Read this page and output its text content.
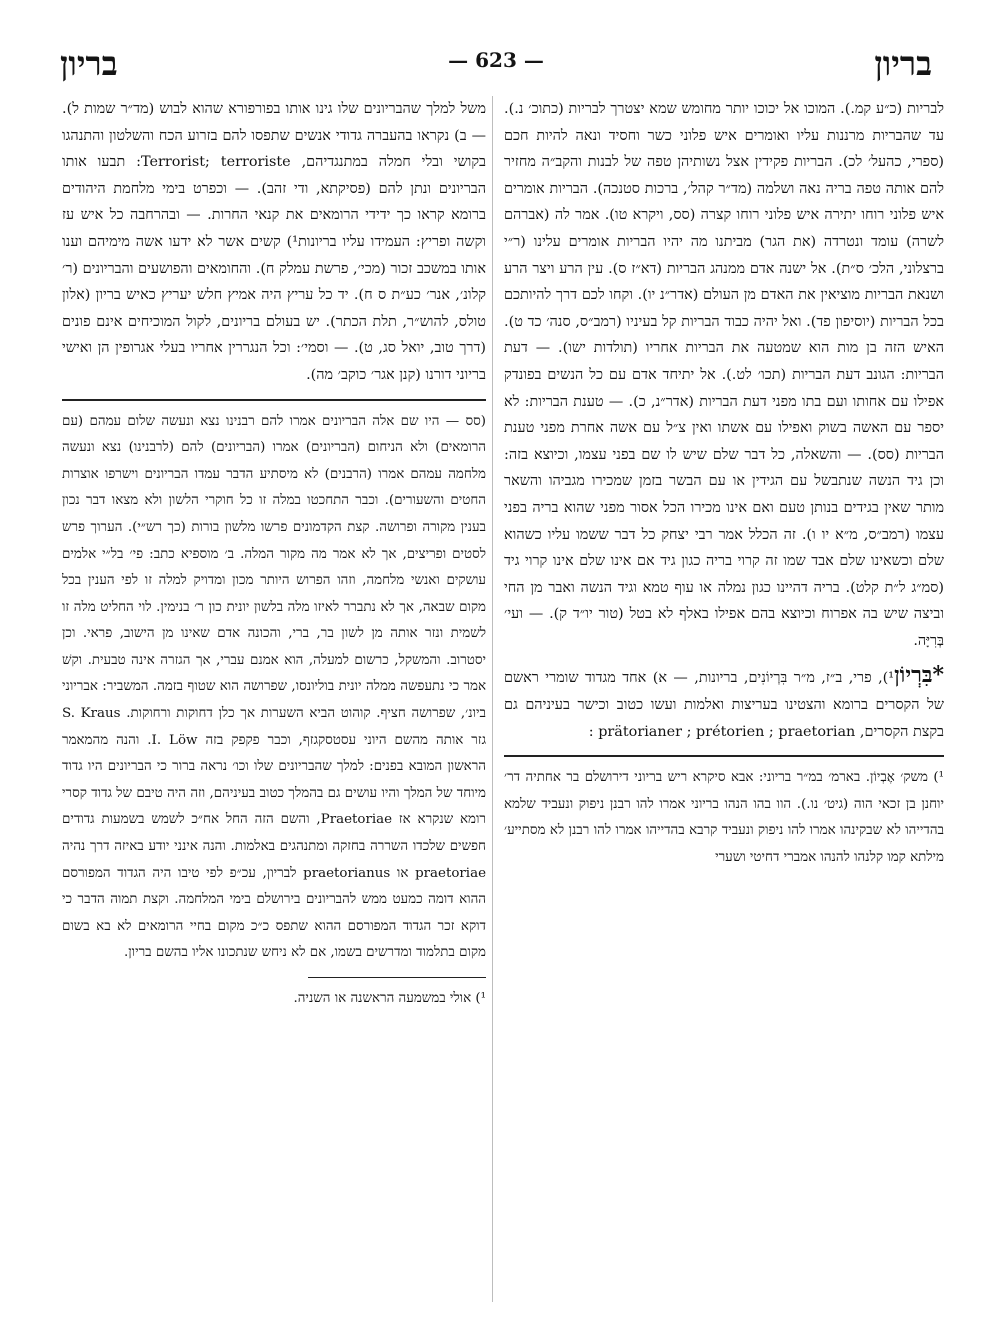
בריון
— 623 —
בריון

לבריות (כ״ע קמ.). המוכו אל יכוכו יותר מחומש שמא יצטרך לבריות (כתוכ׳ נ.). עד שהבריות מרננות עליו ואומרים איש פלוני כשר וחסיד ונאה להיות חכם (ספרי, כהעל׳ לכ). הבריות פקידין אצל נשותיהן טפה של לבנות והקב״ה מחזיר להם אותה טפה בריה נאה ושלמה (מד״ר קהל׳, ברכות סטנכה). הבריות אומרים איש פלוני רוחו יתירה איש פלוני רוחו קצרה (סס, ויקרא טו). אמר לה (אברהם לשרה) עומד ונטרדה (את הגר) מביתנו מה יהיו הבריות אומרים עלינו (ר״י ברצלוני, הלכ׳ ס״ת). אל ישנה אדם ממנהג הבריות (דא״ז ס). עין הרע ויצר הרע ושנאת הבריות מוציאין את האדם מן העולם (אדר״נ יו). וקחו לכם דרך להיותכם בכל הבריות (יוסיפון פד). ואל יהיה כבוד הבריות קל בעיניו (רמב״ס, סנה׳ כד ט). האיש הזה בן מות הוא שמטעה את הבריות אחריו (תולדות ישו). — דעת הבריות: הגונב דעת הבריות (תכו׳ לט.). אל יתיחד אדם עם כל הנשים בפונדק אפילו עם אחותו ועם בתו מפני דעת הבריות (אדר״נ, כ). — טענת הבריות: לא יספר עם האשה בשוק ואפילו עם אשתו ואין צ״ל עם אשה אחרת מפני טענת הבריות (סס). — והשאלה, כל דבר שלם שיש לו שם בפני עצמו, וכיוצא בזה: וכן גיד הנשה שנתבשל עם הגידין או עם הבשר בזמן שמכירו מגביהו והשאר מותר שאין בגידים בנותן טעם ואם אינו מכירו הכל אסור מפני שהוא בריה בפני עצמו (רמב״ס, מ״א יו ו). זה הכלל אמר רבי יצחק כל דבר ששמו עליו כשהוא שלם וכשאינו שלם אבד שמו זה קרוי בריה כגון גיד אם אינו שלם אינו קרוי גיד (סמ״ג ל״ת קלט). בריה דהיינו כגון נמלה או עוף טמא וגיד הנשה ואבר מן החי וביצה שיש בה אפרוח וכיוצא בהם אפילו באלף לא בטל (טור יו״ד ק). — ועי׳ בְּרִיָּה.

*בִּרְיוֹן¹), פרי, ב״ז, מ״ר בִּרְיוֹנִים, בריונות, — א) אחד מגדוד שומרי ראשם של הקסרים ברומא והצטינו בעריצות ואלמות ועשו כטוב וכישר בעיניהם גם בקצת הקסרים, prätorianer ; prétorien ; praetorian :

¹) משק׳ אֶבְיוֹן. בארמ׳ במ״ר בריוני: אבא סיקרא ריש בריוני דירושלם בר אחתיה דר׳ יוחנן בן זכאי הוה (גיט׳ נו.). הוו בהו הנהו בריוני אמרו להו רבנן ניפוק ונעביד שלמא בהדייהו לא שבקינהו אמרו להו ניפוק ונעביד קרבא בהדייהו אמרו להו רבנן לא מסתייע׳ מילתא קמו קלנהו להנהו אמברי דחיטי ושערי

משל למלך שהבריונים שלו גינו אותו בפורפורא שהוא לבוש (מד״ר שמות ל). — ב) נקראו בהעברה גדודי אנשים שתפסו להם בזרוע הכח והשלטון והתנהגו בקושי ובלי חמלה במתנגדיהם, Terrorist; terroriste: תבעו אותו הבריונים ונתן להם (פסיקתא, ודי זהב). — וכפרט בימי מלחמת היהודים ברומא קראו כך ידידי הרומאים את קנאי החרות. — ובהרחבה כל איש עז וקשה ופריץ: העמידו עליו בריונות¹) קשים אשר לא ידעו אשה מימיהם וענו אותו במשכב זכור (מכי׳, פרשת עמלק ח). והחומאים והפושעים והבריונים (ר׳ קלונ׳, אנר׳ כע״ת ס ח). יד כל עריץ היה אמיץ חלש יעריץ כאיש בריון (אלון טולס, להוש״ר, תלת הכתר). יש בעולם בריונים, לקול המוכיחים אינם פונים (דרך טוב, יואל סג, ט). — וסמי׳: וכל הנגררין אחריו בעלי אגרופין הן ואישי בריוני דורנו (קנן אגר׳ כוקב׳ מה).

(סס — היו שם אלה הבריונים אמרו להם רבנינו נצא ונעשה שלום עמהם (עם הרומאים) ולא הניחום (הבריונים) אמרו (הבריונים) להם (לרבנינו) נצא ונעשה מלחמה עמהם אמרו (הרבנים) לא מיסתיע הדבר עמדו הבריונים וישרפו אוצרות החטים והשעורים). וכבר התחכטו במלה זו כל חוקרי הלשון ולא מצאו דבר נכון בענין מקורה ופרושה. קצת הקדמונים פרשו מלשון בורות (כך רש״י). הערוך פרש לסטים ופריצים, אך לא אמר מה מקור המלה. ב׳ מוספיא כתב: פי׳ בל״י אלמים עושקים ואנשי מלחמה, וזהו הפרוש היותר מכון ומדויק למלה זו לפי הענין בכל מקום שבאה, אך לא נתברר לאיזו מלה בלשון יונית כון ר׳ בנימין. לוי החליט מלה זו לשמית ונזר אותה מן לשון בר, ברי, והכונה אדם שאינו מן הישוב, פראי. וכן יסטרוב. והמשקל, כרשום למעלה, הוא אמנם עברי, אך הגזרה אינה טבעית. וקשׁ אמר כי נתעפשה ממלה יונית בוליונסו, שפרושה הוא שטוף בזמה. המשביר: אבריוני ביונ׳, שפרושה חציף. קוהוט הביא השערות אך כלן דחוקות ורחוקות. S. Kraus גזר אותה מהשם היוני עסטסקגזף, וכבר פקפק בזה I. Löw. והנה מהמאמר הראשון המובא בפנים: למלך שהבריונים שלו וכו׳ נראה ברור כי הבריונים היו גדוד מיוחד של המלך והיו עושים גם בהמלך כטוב בעיניהם, וזה היה טיבם של גדוד קסרי רומא שנקרא אז Praetoriae, והשם הזה החל אח״כ לשמש בשמעות גדודים חפשים שלכדו השררה בחזקה ומתנהגים באלמות. והנה אינני יודע באיזה דרך נהיה praetoriae או praetorianus לבריון, עכ״פ לפי טיבו היה הגדוד המפורסם ההוא דומה כמעט ממש להבריונים בירושלם בימי המלחמה. וקצת תמוה הדבר כי דוקא זכר הגדוד המפורסם ההוא שתפס כ״כ מקום בחיי הרומאים לא בא בשום מקום בתלמוד ומדרשים בשמו, אם לא ניחש שנתכונו אליו בהשם בריון.

¹) אולי במשמעה הראשנה או השניה.
